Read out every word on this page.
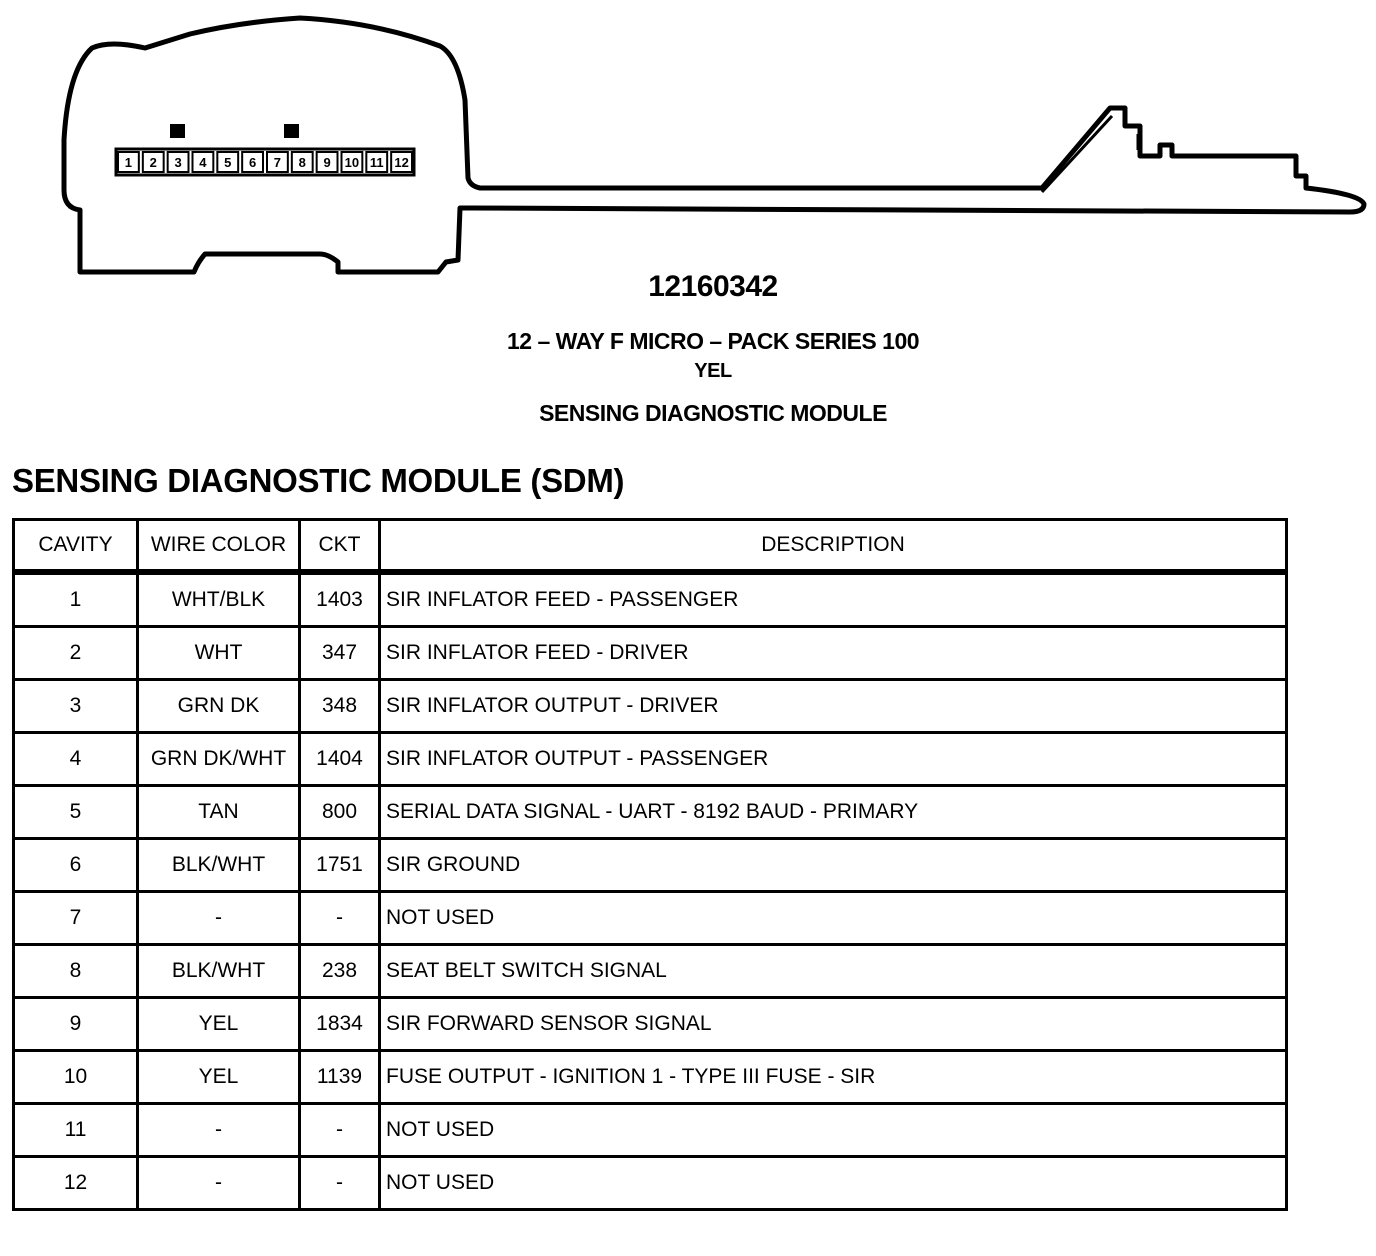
1 2 3 4 5 6 7 8 9 10 11 12
12160342
12 – WAY F MICRO – PACK SERIES 100
YEL
SENSING DIAGNOSTIC MODULE
SENSING DIAGNOSTIC MODULE (SDM)
CAVITY	WIRE COLOR	CKT	DESCRIPTION
1	WHT/BLK	1403	SIR INFLATOR FEED - PASSENGER
2	WHT	347	SIR INFLATOR FEED - DRIVER
3	GRN DK	348	SIR INFLATOR OUTPUT - DRIVER
4	GRN DK/WHT	1404	SIR INFLATOR OUTPUT - PASSENGER
5	TAN	800	SERIAL DATA SIGNAL - UART - 8192 BAUD - PRIMARY
6	BLK/WHT	1751	SIR GROUND
7	-	-	NOT USED
8	BLK/WHT	238	SEAT BELT SWITCH SIGNAL
9	YEL	1834	SIR FORWARD SENSOR SIGNAL
10	YEL	1139	FUSE OUTPUT - IGNITION 1 - TYPE III FUSE - SIR
11	-	-	NOT USED
12	-	-	NOT USED
